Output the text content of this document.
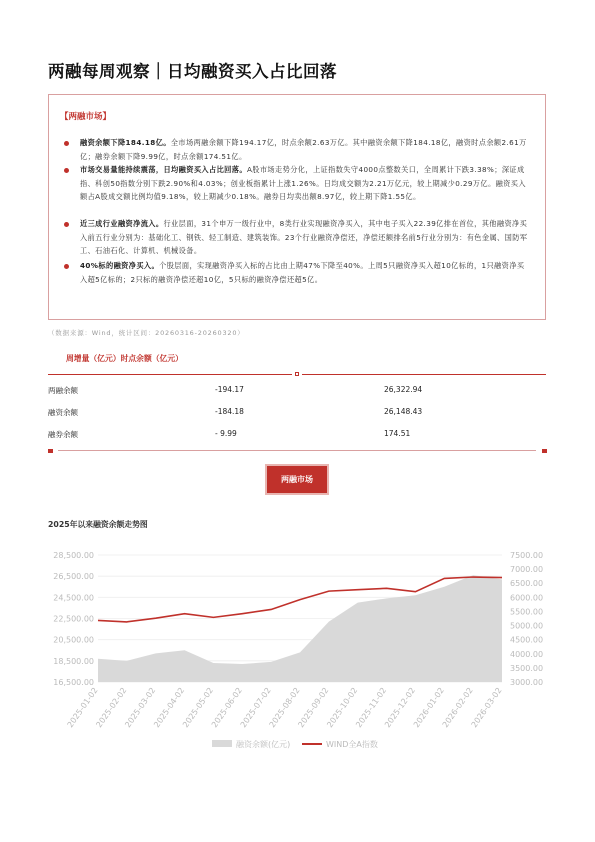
两融每周观察｜日均融资买入占比回落
【两融市场】
融资余额下降184.18亿。全市场两融余额下降194.17亿，时点余额2.63万亿。其中融资余额下降184.18亿，融资时点余额2.61万亿；融券余额下降9.99亿，时点余额174.51亿。
市场交易量能持续震荡，日均融资买入占比回落。A股市场走势分化，上证指数失守4000点整数关口，全周累计下跌3.38%；深证成指、科创50指数分别下跌2.90%和4.03%；创业板指累计上涨1.26%。日均成交额为2.21万亿元，较上期减少0.29万亿。融资买入额占A股成交额比例均值9.18%，较上期减少0.18%。融券日均卖出额8.97亿，较上期下降1.55亿。
近三成行业融资净流入。行业层面，31个申万一级行业中，8类行业实现融资净买入，其中电子买入22.39亿排在首位，其他融资净买入前五行业分别为：基础化工、钢铁、轻工制造、建筑装饰。23个行业融资净偿还，净偿还额排名前5行业分别为：有色金属、国防军工、石油石化、计算机、机械设备。
40%标的融资净买入。个股层面，实现融资净买入标的占比由上期47%下降至40%。上周5只融资净买入超10亿标的，1只融资净买入超5亿标的；2只标的融资净偿还超10亿，5只标的融资净偿还超5亿。
（数据来源：Wind，统计区间：20260316-20260320）
周增量（亿元）时点余额（亿元）
两融余额	-194.17	26,322.94
融资余额	-184.18	26,148.43
融券余额	- 9.99	174.51
两融市场
2025年以来融资余额走势图
28,500.00
26,500.00
24,500.00
22,500.00
20,500.00
18,500.00
16,500.00
7500.00
7000.00
6500.00
6000.00
5500.00
5000.00
4500.00
4000.00
3500.00
3000.00
2025-01-02
2025-02-02
2025-03-02
2025-04-02
2025-05-02
2025-06-02
2025-07-02
2025-08-02
2025-09-02
2025-10-02
2025-11-02
2025-12-02
2026-01-02
2026-02-02
2026-03-02
融资余额(亿元)	WIND全A指数
